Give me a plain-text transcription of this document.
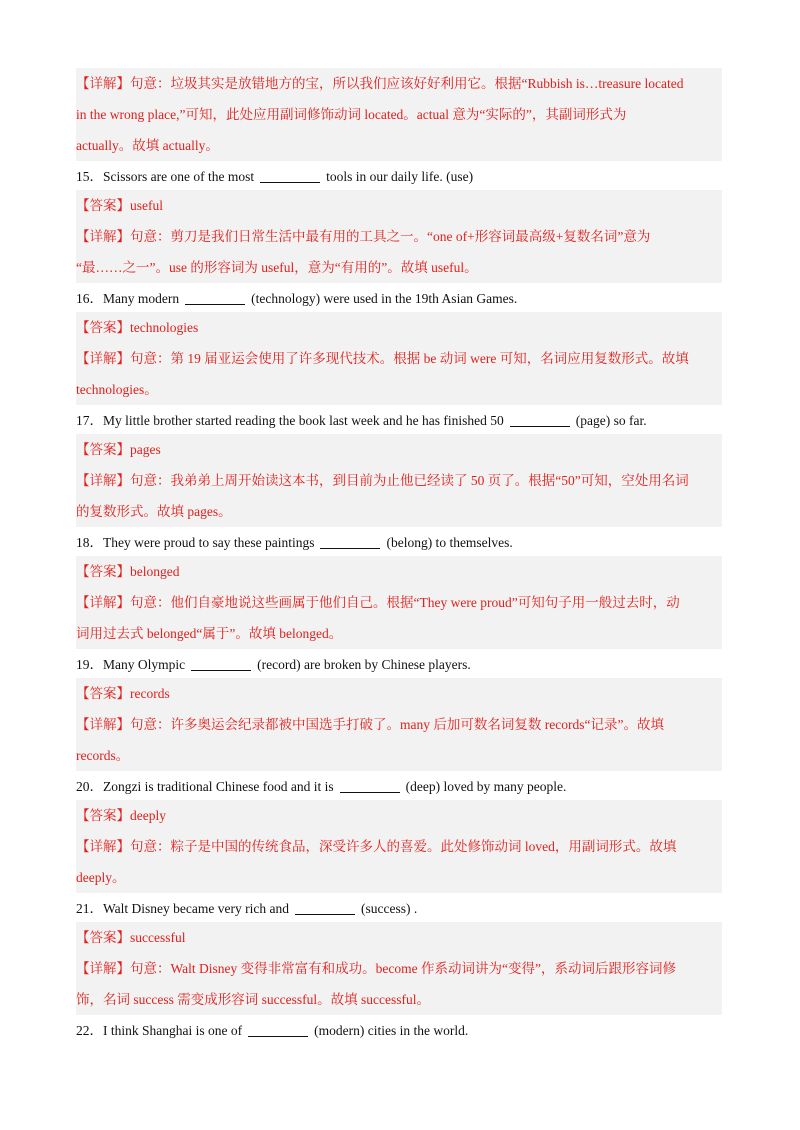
【详解】句意：垃圾其实是放错地方的宝，所以我们应该好好利用它。根据“Rubbish is…treasure located
in the wrong place,”可知，此处应用副词修饰动词 located。actual 意为“实际的”，其副词形式为
actually。故填 actually。
15．Scissors are one of the most	tools in our daily life. (use)
【答案】useful
【详解】句意：剪刀是我们日常生活中最有用的工具之一。“one of+形容词最高级+复数名词”意为
“最……之一”。use 的形容词为 useful，意为“有用的”。故填 useful。
16．Many modern	(technology) were used in the 19th Asian Games.
【答案】technologies
【详解】句意：第 19 届亚运会使用了许多现代技术。根据 be 动词 were 可知，名词应用复数形式。故填
technologies。
17．My little brother started reading the book last week and he has finished 50	(page) so far.
【答案】pages
【详解】句意：我弟弟上周开始读这本书，到目前为止他已经读了 50 页了。根据“50”可知，空处用名词
的复数形式。故填 pages。
18．They were proud to say these paintings	(belong) to themselves.
【答案】belonged
【详解】句意：他们自豪地说这些画属于他们自己。根据“They were proud”可知句子用一般过去时，动
词用过去式 belonged“属于”。故填 belonged。
19．Many Olympic	(record) are broken by Chinese players.
【答案】records
【详解】句意：许多奥运会纪录都被中国选手打破了。many 后加可数名词复数 records“记录”。故填
records。
20．Zongzi is traditional Chinese food and it is	(deep) loved by many people.
【答案】deeply
【详解】句意：粽子是中国的传统食品，深受许多人的喜爱。此处修饰动词 loved，用副词形式。故填
deeply。
21．Walt Disney became very rich and	(success) .
【答案】successful
【详解】句意：Walt Disney 变得非常富有和成功。become 作系动词讲为“变得”，系动词后跟形容词修
饰，名词 success 需变成形容词 successful。故填 successful。
22．I think Shanghai is one of	(modern) cities in the world.
